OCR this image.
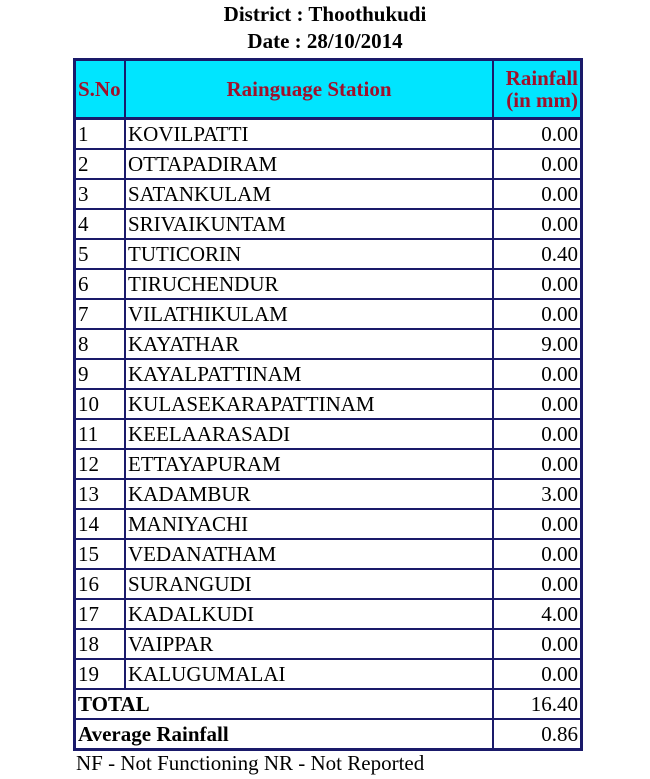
District : Thoothukudi
Date : 28/10/2014
S.No	Rainguage Station	Rainfall
(in mm)
1	KOVILPATTI	0.00
2	OTTAPADIRAM	0.00
3	SATANKULAM	0.00
4	SRIVAIKUNTAM	0.00
5	TUTICORIN	0.40
6	TIRUCHENDUR	0.00
7	VILATHIKULAM	0.00
8	KAYATHAR	9.00
9	KAYALPATTINAM	0.00
10	KULASEKARAPATTINAM	0.00
11	KEELAARASADI	0.00
12	ETTAYAPURAM	0.00
13	KADAMBUR	3.00
14	MANIYACHI	0.00
15	VEDANATHAM	0.00
16	SURANGUDI	0.00
17	KADALKUDI	4.00
18	VAIPPAR	0.00
19	KALUGUMALAI	0.00
TOTAL		16.40
Average Rainfall		0.86
NF - Not Functioning NR - Not Reported
